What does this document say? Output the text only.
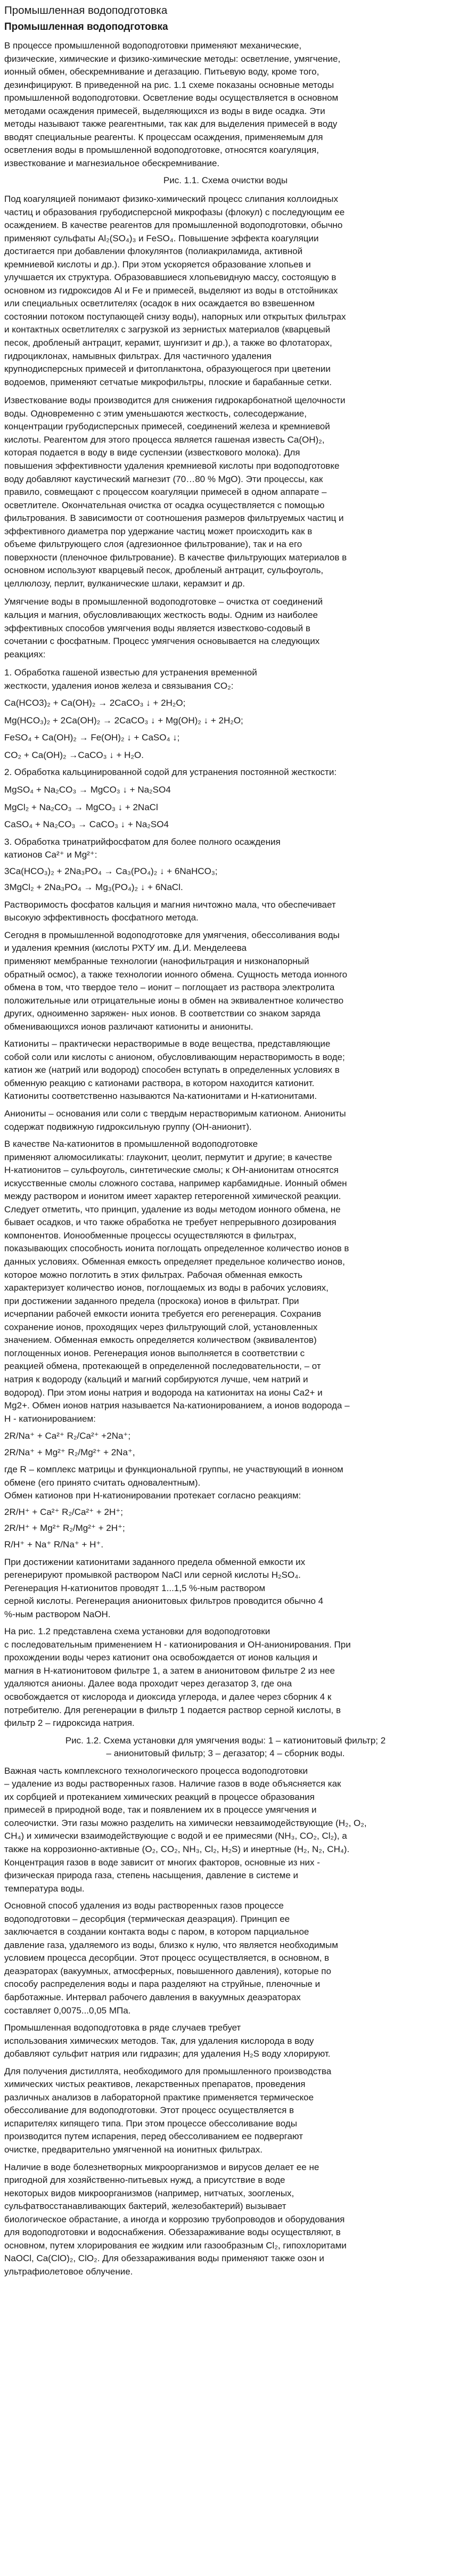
Промышленная водоподготовка
Промышленная водоподготовка
В процессе промышленной водоподготовки применяют механические,
физические, химические и физико-химические методы: осветление, умягчение,
ионный обмен, обескремнивание и дегазацию. Питьевую воду, кроме того,
дезинфицируют. В приведенной на рис. 1.1 схеме показаны основные методы
промышленной водоподготовки. Осветление воды осуществляется в основном
методами осаждения примесей, выделяющихся из воды в виде осадка. Эти
методы называют также реагентными, так как для выделения примесей в воду
вводят специальные реагенты. К процессам осаждения, применяемым для
осветления воды в промышленной водоподготовке, относятся коагуляция,
известкование и магнезиальное обескремнивание.
Рис. 1.1. Схема очистки воды
Под коагуляцией понимают физико-химический процесс слипания коллоидных
частиц и образования грубодисперсной микрофазы (флокул) с последующим ее
осаждением. В качестве реагентов для промышленной водоподготовки, обычно
применяют сульфаты Al₂(SO₄)₃ и FeSO₄. Повышение эффекта коагуляции
достигается при добавлении флокулянтов (полиакриламида, активной
кремниевой кислоты и др.). При этом ускоряется образование хлопьев и
улучшается их структура. Образовавшиеся хлопьевидную массу, состоящую в
основном из гидроксидов Al и Fe и примесей, выделяют из воды в отстойниках
или специальных осветлителях (осадок в них осаждается во взвешенном
состоянии потоком поступающей снизу воды), напорных или открытых фильтрах
и контактных осветлителях с загрузкой из зернистых материалов (кварцевый
песок, дробленый антрацит, керамит, шунгизит и др.), а также во флотаторах,
гидроциклонах, намывных фильтрах. Для частичного удаления
крупнодисперсных примесей и фитопланктона, образующегося при цветении
водоемов, применяют сетчатые микрофильтры, плоские и барабанные сетки.
Известкование воды производится для снижения гидрокарбонатной щелочности
воды. Одновременно с этим уменьшаются жесткость, солесодержание,
концентрации грубодисперсных примесей, соединений железа и кремниевой
кислоты. Реагентом для этого процесса является гашеная известь Ca(OH)₂,
которая подается в воду в виде суспензии (известкового молока). Для
повышения эффективности удаления кремниевой кислоты при водоподготовке
воду добавляют каустический магнезит (70…80 % MgO). Эти процессы, как
правило, совмещают с процессом коагуляции примесей в одном аппарате –
осветлителе. Окончательная очистка от осадка осуществляется с помощью
фильтрования. В зависимости от соотношения размеров фильтруемых частиц и
эффективного диаметра пор удержание частиц может происходить как в
объеме фильтрующего слоя (адгезионное фильтрование), так и на его
поверхности (пленочное фильтрование). В качестве фильтрующих материалов в
основном используют кварцевый песок, дробленый антрацит, сульфоуголь,
целлюлозу, перлит, вулканические шлаки, керамзит и др.
Умягчение воды в промышленной водоподготовке – очистка от соединений
кальция и магния, обусловливающих жесткость воды. Одним из наиболее
эффективных способов умягчения воды является известково-содовый в
сочетании с фосфатным. Процесс умягчения основывается на следующих
реакциях:
1. Обработка гашеной известью для устранения временной
жесткости, удаления ионов железа и связывания CO₂:
Ca(HCO3)₂ + Ca(OH)₂ → 2CaCO₃ ↓ + 2H₂O;
Mg(HCO₃)₂ + 2Ca(OH)₂ → 2CaCO₃ ↓ + Mg(OH)₂ ↓ + 2H₂O;
FeSO₄ + Ca(OH)₂ → Fe(OH)₂ ↓ + CaSO₄ ↓;
CO₂ + Ca(OH)₂ →CaCO₃ ↓ + H₂O.
2. Обработка кальцинированной содой для устранения постоянной жесткости:
MgSO₄ + Na₂CO₃ → MgCO₃ ↓ + Na₂SO4
MgCl₂ + Na₂CO₃ → MgCO₃ ↓ + 2NaCl
CaSO₄ + Na₂CO₃ → CaCO₃ ↓ + Na₂SO4
3. Обработка тринатрийфосфатом для более полного осаждения
катионов Ca²⁺ и Mg²⁺:
3Ca(HCO₃)₂ + 2Na₃PO₄ → Ca₃(PO₄)₂ ↓ + 6NaHCO₃;
3MgCl₂ + 2Na₃PO₄ → Mg₃(PO₄)₂ ↓ + 6NaCl.
Растворимость фосфатов кальция и магния ничтожно мала, что обеспечивает
высокую эффективность фосфатного метода.
Сегодня в промышленной водоподготовке для умягчения, обессоливания воды
и удаления кремния (кислоты РХТУ им. Д.И. Менделеева
применяют мембранные технологии (нанофильтрация и низконапорный
обратный осмос), а также технологии ионного обмена. Сущность метода ионного
обмена в том, что твердое тело – ионит – поглощает из раствора электролита
положительные или отрицательные ионы в обмен на эквивалентное количество
других, одноименно заряжен- ных ионов. В соответствии со знаком заряда
обменивающихся ионов различают катиониты и аниониты.
Катиониты – практически нерастворимые в воде вещества, представляющие
собой соли или кислоты с анионом, обусловливающим нерастворимость в воде;
катион же (натрий или водород) способен вступать в определенных условиях в
обменную реакцию с катионами раствора, в котором находится катионит.
Катиониты соответственно называются Na-катионитами и Н-катионитами.
Аниониты – основания или соли с твердым нерастворимым катионом. Аниониты
содержат подвижную гидроксильную группу (ОН-анионит).
В качестве Na-катионитов в промышленной водоподготовке
применяют алюмосиликаты: глауконит, цеолит, пермутит и другие; в качестве
Н-катионитов – сульфоуголь, синтетические смолы; к ОН-анионитам относятся
искусственные смолы сложного состава, например карбамидные. Ионный обмен
между раствором и ионитом имеет характер гетерогенной химической реакции.
Следует отметить, что принцип, удаление из воды методом ионного обмена, не
бывает осадков, и что также обработка не требует непрерывного дозирования
компонентов. Ионообменные процессы осуществляются в фильтрах,
показывающих способность ионита поглощать определенное количество ионов в
данных условиях. Обменная емкость определяет предельное количество ионов,
которое можно поглотить в этих фильтрах. Рабочая обменная емкость
характеризует количество ионов, поглощаемых из воды в рабочих условиях,
при достижении заданного предела (проскока) ионов в фильтрат. При
исчерпании рабочей емкости ионита требуется его регенерация. Сохранив
сохранение ионов, проходящих через фильтрующий слой, установленных
значением. Обменная емкость определяется количеством (эквивалентов)
поглощенных ионов. Регенерация ионов выполняется в соответствии с
реакцией обмена, протекающей в определенной последовательности, – от
натрия к водороду (кальций и магний сорбируются лучше, чем натрий и
водород). При этом ионы натрия и водорода на катионитах на ионы Ca2+ и
Mg2+. Обмен ионов натрия называется Na-катионированием, а ионов водорода –
Н - катионированием:
2R/Na⁺ + Ca²⁺ R₂/Ca²⁺ +2Na⁺;
2R/Na⁺ + Mg²⁺ R₂/Mg²⁺ + 2Na⁺,
где R – комплекс матрицы и функциональной группы, не участвующий в ионном
обмене (его принято считать одновалентным).
Обмен катионов при Н-катионировании протекает согласно реакциям:
2R/H⁺ + Ca²⁺ R₂/Ca²⁺ + 2H⁺;
2R/H⁺ + Mg²⁺ R₂/Mg²⁺ + 2H⁺;
R/H⁺ + Na⁺ R/Na⁺ + H⁺.
При достижении катионитами заданного предела обменной емкости их
регенерируют промывкой раствором NaCl или серной кислоты H₂SO₄.
Регенерация Н-катионитов проводят 1...1,5 %-ным раствором
серной кислоты. Регенерация анионитовых фильтров проводится обычно 4
%-ным раствором NaOH.
На рис. 1.2 представлена схема установки для водоподготовки
с последовательным применением Н - катионирования и ОН-анионирования. При
прохождении воды через катионит она освобождается от ионов кальция и
магния в Н-катионитовом фильтре 1, а затем в анионитовом фильтре 2 из нее
удаляются анионы. Далее вода проходит через дегазатор 3, где она
освобождается от кислорода и диоксида углерода, и далее через сборник 4 к
потребителю. Для регенерации в фильтр 1 подается раствор серной кислоты, в
фильтр 2 – гидроксида натрия.
Рис. 1.2. Схема установки для умягчения воды: 1 – катионитовый фильтр; 2
– анионитовый фильтр; 3 – дегазатор; 4 – сборник воды.
Важная часть комплексного технологического процесса водоподготовки
– удаление из воды растворенных газов. Наличие газов в воде объясняется как
их сорбцией и протеканием химических реакций в процессе образования
примесей в природной воде, так и появлением их в процессе умягчения и
солеочистки. Эти газы можно разделить на химически невзаимодействующие (H₂, O₂,
CH₄) и химически взаимодействующие с водой и ее примесями (NH₃, CO₂, Cl₂), а
также на коррозионно-активные (O₂, CO₂, NH₃, Cl₂, H₂S) и инертные (H₂, N₂, CH₄).
Концентрация газов в воде зависит от многих факторов, основные из них -
физическая природа газа, степень насыщения, давление в системе и
температура воды.
Основной способ удаления из воды растворенных газов процессе
водоподготовки – десорбция (термическая деаэрация). Принцип ее
заключается в создании контакта воды с паром, в котором парциальное
давление газа, удаляемого из воды, близко к нулю, что является необходимым
условием процесса десорбции. Этот процесс осуществляется, в основном, в
деаэраторах (вакуумных, атмосферных, повышенного давления), которые по
способу распределения воды и пара разделяют на струйные, пленочные и
барботажные. Интервал рабочего давления в вакуумных деаэраторах
составляет 0,0075...0,05 МПа.
Промышленная водоподготовка в ряде случаев требует
использования химических методов. Так, для удаления кислорода в воду
добавляют сульфит натрия или гидразин; для удаления H₂S воду хлорируют.
Для получения дистиллята, необходимого для промышленного производства
химических чистых реактивов, лекарственных препаратов, проведения
различных анализов в лабораторной практике применяется термическое
обессоливание для водоподготовки. Этот процесс осуществляется в
испарителях кипящего типа. При этом процессе обессоливание воды
производится путем испарения, перед обессоливанием ее подвергают
очистке, предварительно умягченной на ионитных фильтрах.
Наличие в воде болезнетворных микроорганизмов и вирусов делает ее не
пригодной для хозяйственно-питьевых нужд, а присутствие в воде
некоторых видов микроорганизмов (например, нитчатых, зоогленых,
сульфатвосстанавливающих бактерий, железобактерий) вызывает
биологическое обрастание, а иногда и коррозию трубопроводов и оборудования
для водоподготовки и водоснабжения. Обеззараживание воды осуществляют, в
основном, путем хлорирования ее жидким или газообразным Cl₂, гипохлоритами
NaOCl, Ca(ClO)₂, ClO₂. Для обеззараживания воды применяют также озон и
ультрафиолетовое облучение.
